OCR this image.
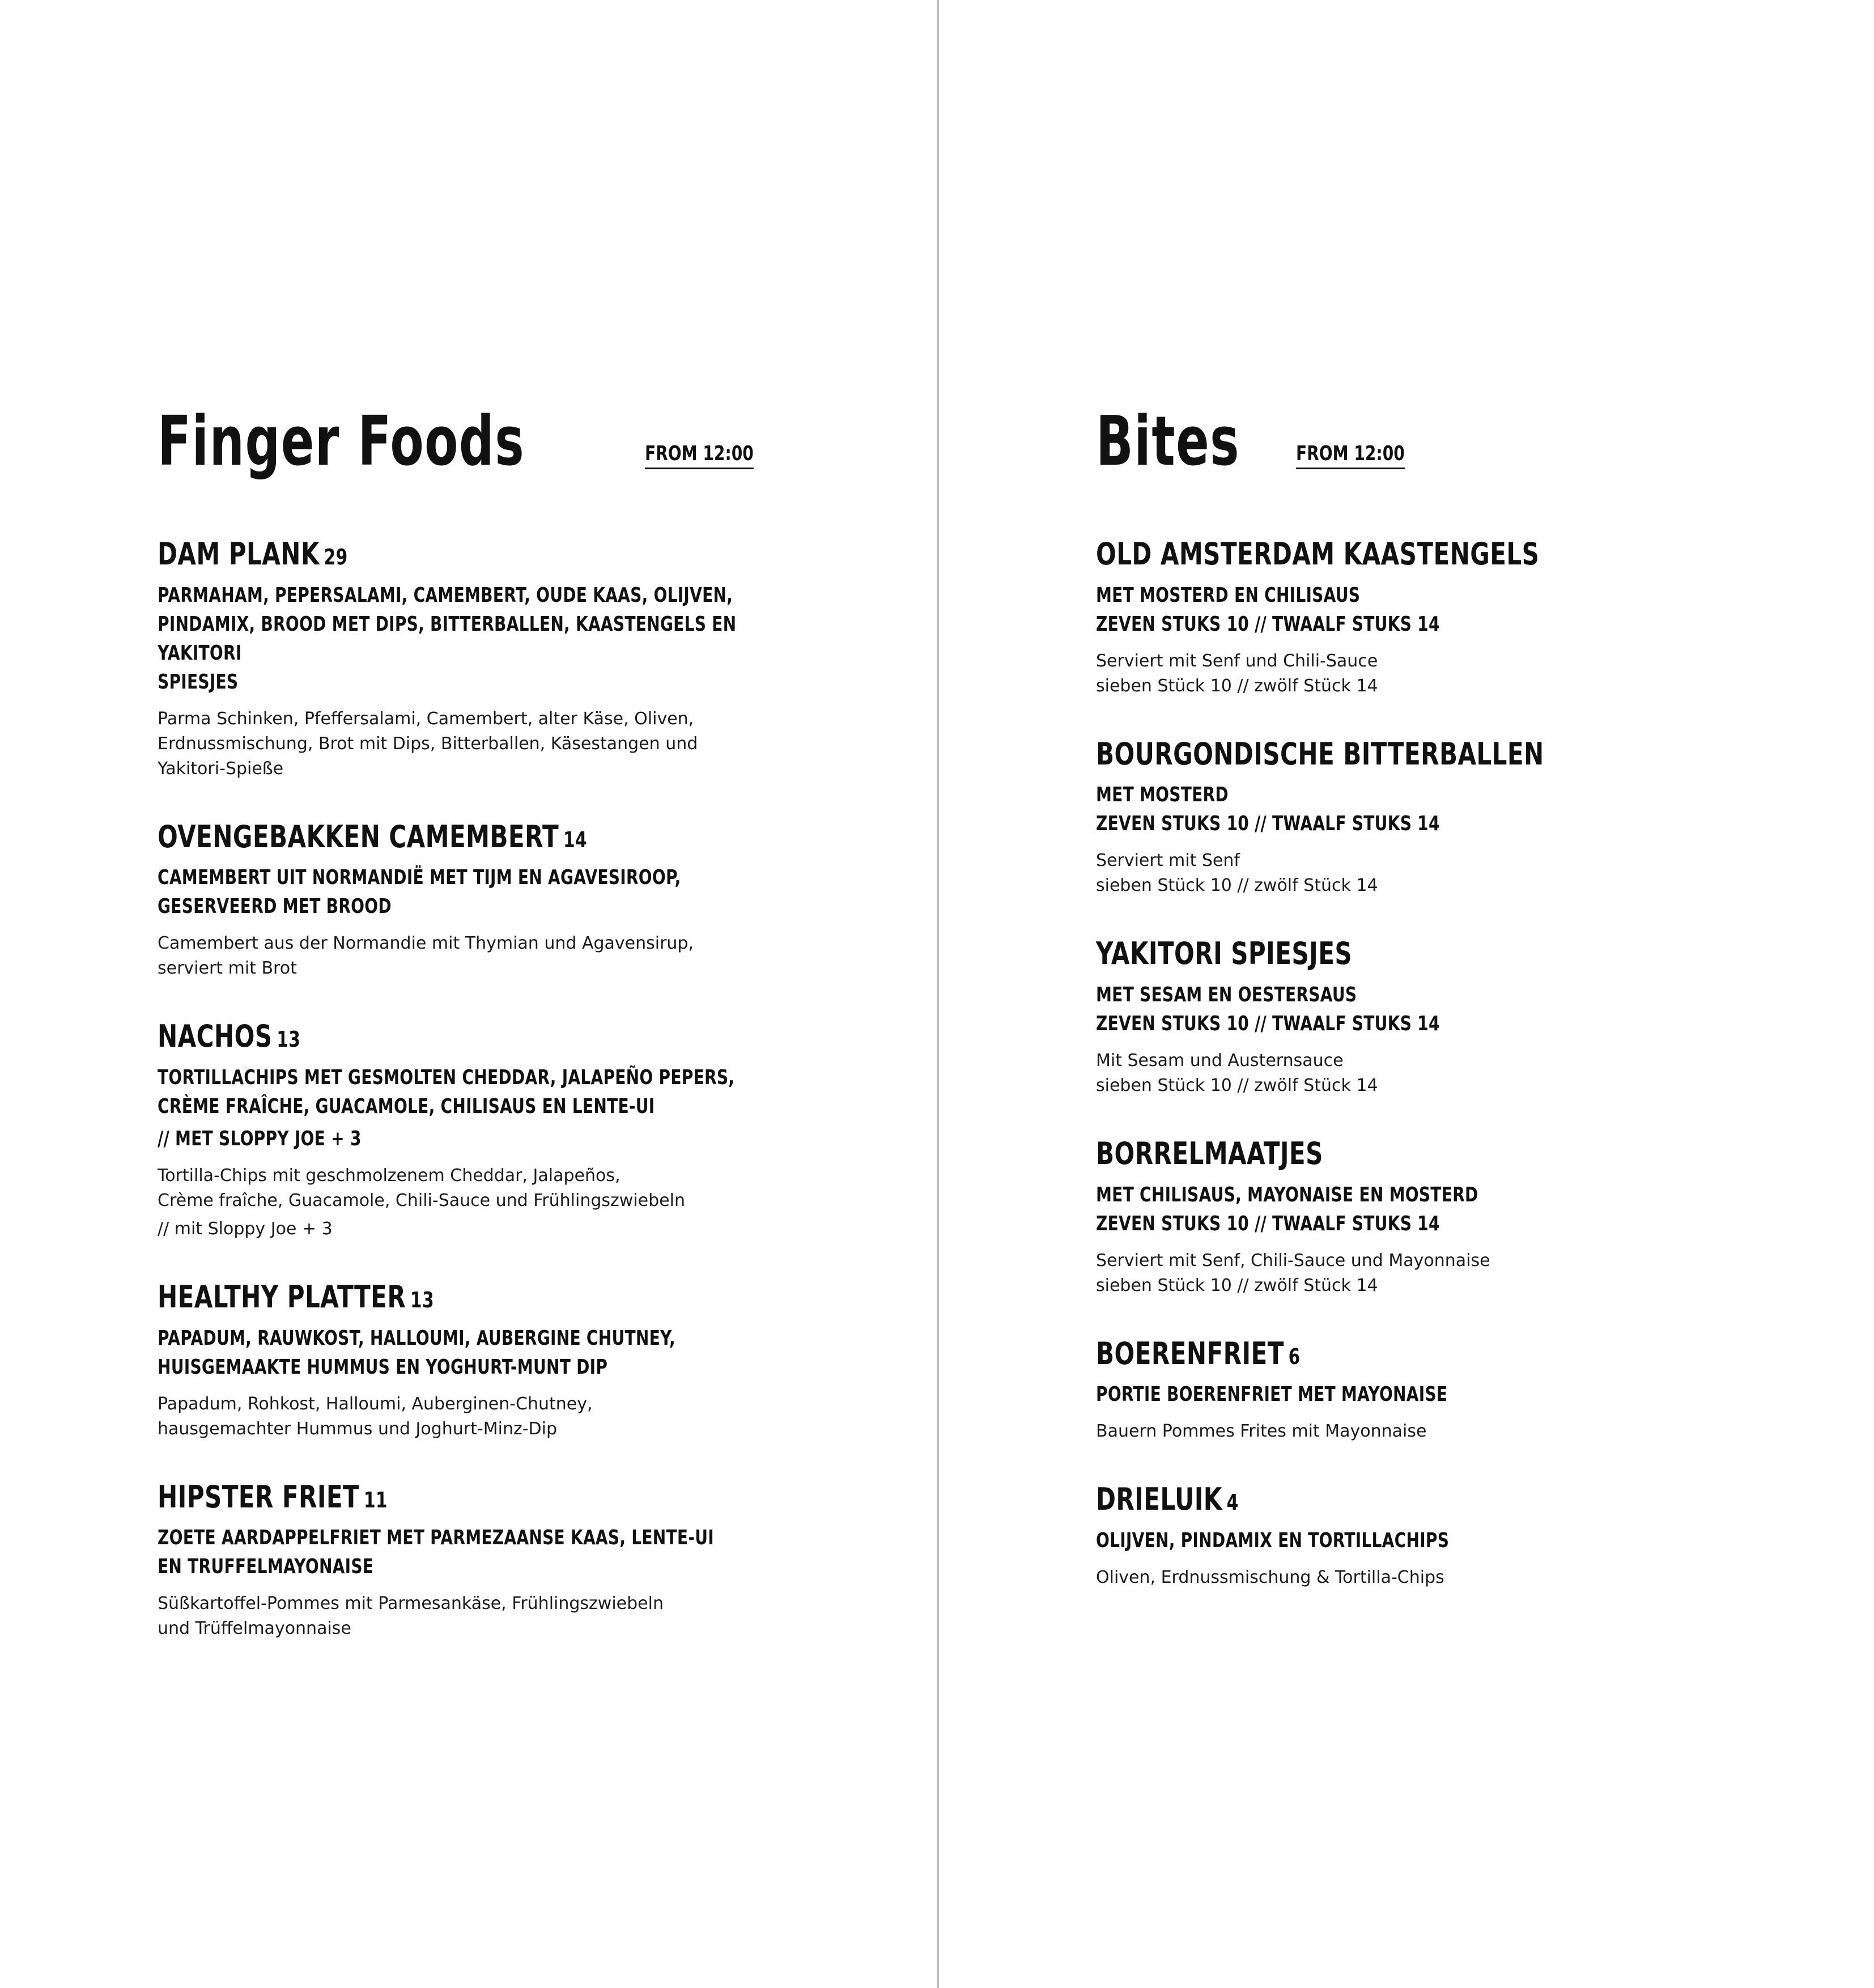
Finger Foods	FROM 12:00
DAM PLANK 29
PARMAHAM, PEPERSALAMI, CAMEMBERT, OUDE KAAS, OLIJVEN,
PINDAMIX, BROOD MET DIPS, BITTERBALLEN, KAASTENGELS EN YAKITORI
SPIESJES
Parma Schinken, Pfeffersalami, Camembert, alter Käse, Oliven,
Erdnussmischung, Brot mit Dips, Bitterballen, Käsestangen und
Yakitori-Spieße
OVENGEBAKKEN CAMEMBERT 14
CAMEMBERT UIT NORMANDIË MET TIJM EN AGAVESIROOP,
GESERVEERD MET BROOD
Camembert aus der Normandie mit Thymian und Agavensirup,
serviert mit Brot
NACHOS 13
TORTILLACHIPS MET GESMOLTEN CHEDDAR, JALAPEÑO PEPERS,
CRÈME FRAÎCHE, GUACAMOLE, CHILISAUS EN LENTE-UI
// MET SLOPPY JOE + 3
Tortilla-Chips mit geschmolzenem Cheddar, Jalapeños,
Crème fraîche, Guacamole, Chili-Sauce und Frühlingszwiebeln
// mit Sloppy Joe + 3
HEALTHY PLATTER 13
PAPADUM, RAUWKOST, HALLOUMI, AUBERGINE CHUTNEY,
HUISGEMAAKTE HUMMUS EN YOGHURT-MUNT DIP
Papadum, Rohkost, Halloumi, Auberginen-Chutney,
hausgemachter Hummus und Joghurt-Minz-Dip
HIPSTER FRIET 11
ZOETE AARDAPPELFRIET MET PARMEZAANSE KAAS, LENTE-UI
EN TRUFFELMAYONAISE
Süßkartoffel-Pommes mit Parmesankäse, Frühlingszwiebeln
und Trüffelmayonnaise
Bites	FROM 12:00
OLD AMSTERDAM KAASTENGELS
MET MOSTERD EN CHILISAUS
ZEVEN STUKS 10 // TWAALF STUKS 14
Serviert mit Senf und Chili-Sauce
sieben Stück 10 // zwölf Stück 14
BOURGONDISCHE BITTERBALLEN
MET MOSTERD
ZEVEN STUKS 10 // TWAALF STUKS 14
Serviert mit Senf
sieben Stück 10 // zwölf Stück 14
YAKITORI SPIESJES
MET SESAM EN OESTERSAUS
ZEVEN STUKS 10 // TWAALF STUKS 14
Mit Sesam und Austernsauce
sieben Stück 10 // zwölf Stück 14
BORRELMAATJES
MET CHILISAUS, MAYONAISE EN MOSTERD
ZEVEN STUKS 10 // TWAALF STUKS 14
Serviert mit Senf, Chili-Sauce und Mayonnaise
sieben Stück 10 // zwölf Stück 14
BOERENFRIET 6
PORTIE BOERENFRIET MET MAYONAISE
Bauern Pommes Frites mit Mayonnaise
DRIELUIK 4
OLIJVEN, PINDAMIX EN TORTILLACHIPS
Oliven, Erdnussmischung & Tortilla-Chips
